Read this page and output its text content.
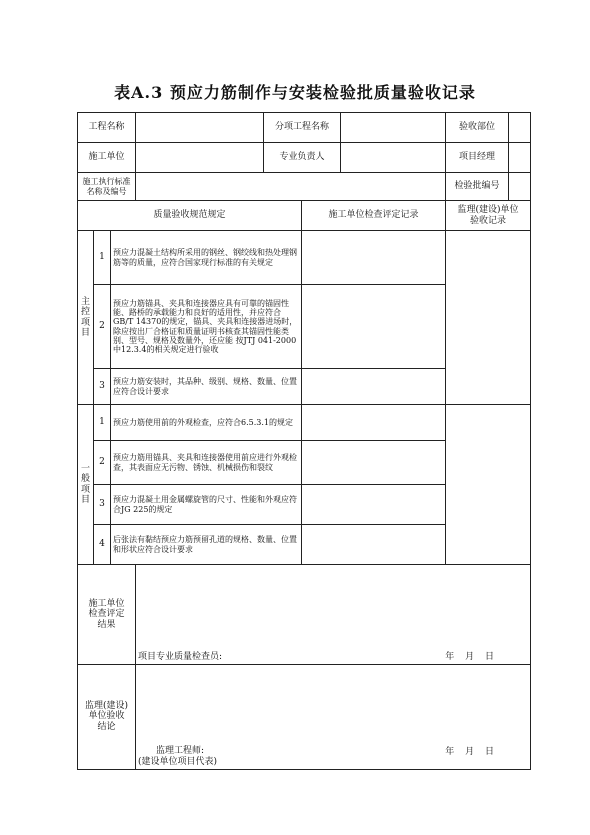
表A.3 预应力筋制作与安装检验批质量验收记录
工程名称		分项工程名称			验收部位	

施工单位		专业负责人			项目经理	

施工执行标准
名称及编号
			检验批编号	

质量验收规范规定	施工单位检查评定记录	
监理(建设)单位
验收记录

主
控
项
目
	1	预应力混凝土结构所采用的钢丝、钢绞线和热处理钢筋等的质量，应符合国家现行标准的有关规定		
2	预应力筋锚具、夹具和连接器应具有可靠的锚固性能、路桥的承载能力和良好的适用性，并应符合GB/T 14370的规定，锚具、夹具和连接器进场时，除应按出厂合格证和质量证明书核查其锚固性能类别、型号、规格及数量外，还应能 按JTJ 041-2000中12.3.4的相关规定进行验收	
3	预应力筋安装时，其品种、级别、规格、数量、位置应符合设计要求	

一
般
项
目
	1	预应力筋使用前的外观检查，应符合6.5.3.1的规定		
2	预应力筋用锚具、夹具和连接器使用前应进行外观检查，其表面应无污物、锈蚀、机械损伤和裂纹	
3	预应力混凝土用金属螺旋管的尺寸、性能和外观应符合JG 225的规定	
4	后张法有黏结预应力筋预留孔道的规格、数量、位置和形状应符合设计要求	

施工单位
检查评定
结果

项目专业质量检查员:	年 月 日

监理(建设)
单位验收
结论

监理工程师:
(建设单位项目代表)
年 月 日
